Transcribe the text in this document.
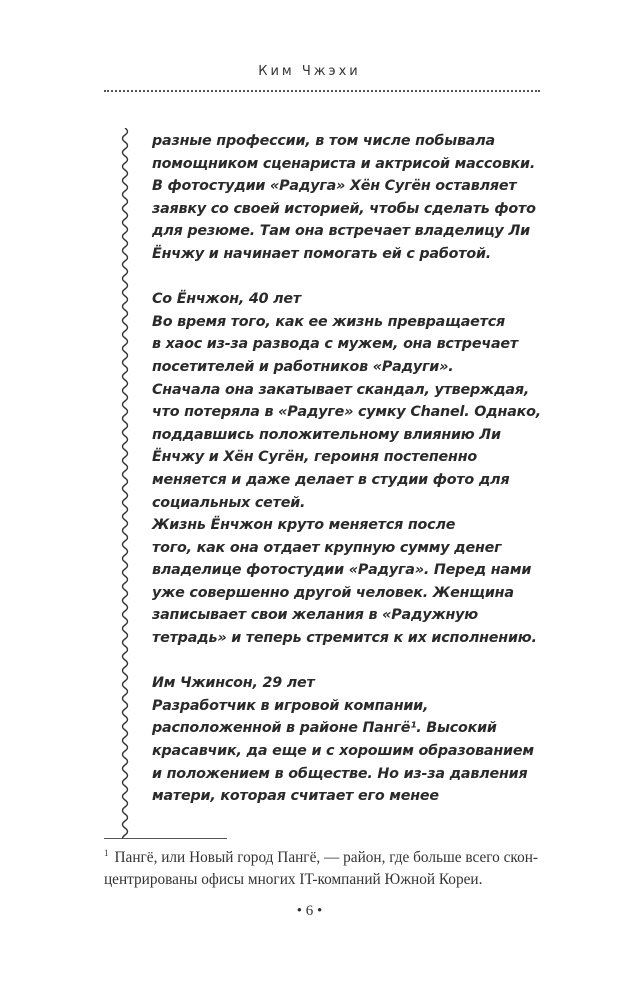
Ким Чжэхи
разные профессии, в том числе побывала
помощником сценариста и актрисой массовки.
В фотостудии «Радуга» Хён Сугён оставляет
заявку со своей историей, чтобы сделать фото
для резюме. Там она встречает владелицу Ли
Ёнчжу и начинает помогать ей с работой.
Со Ёнчжон, 40 лет
Во время того, как ее жизнь превращается
в хаос из-за развода с мужем, она встречает
посетителей и работников «Радуги».
Сначала она закатывает скандал, утверждая,
что потеряла в «Радуге» сумку Chanel. Однако,
поддавшись положительному влиянию Ли
Ёнчжу и Хён Сугён, героиня постепенно
меняется и даже делает в студии фото для
социальных сетей.
Жизнь Ёнчжон круто меняется после
того, как она отдает крупную сумму денег
владелице фотостудии «Радуга». Перед нами
уже совершенно другой человек. Женщина
записывает свои желания в «Радужную
тетрадь» и теперь стремится к их исполнению.
Им Чжинсон, 29 лет
Разработчик в игровой компании,
расположенной в районе Пангё¹. Высокий
красавчик, да еще и с хорошим образованием
и положением в обществе. Но из-за давления
матери, которая считает его менее
$^1$ Пангё, или Новый город Пангё, — район, где больше всего скон-
центрированы офисы многих IT-компаний Южной Кореи.
• 6 •
